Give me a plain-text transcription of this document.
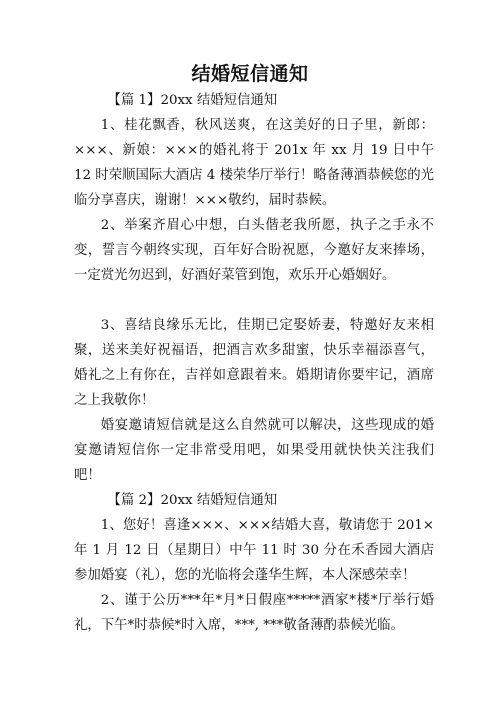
结婚短信通知

【篇 1】20xx 结婚短信通知

1、桂花飘香，秋风送爽，在这美好的日子里，新郎：×××、新娘：×××的婚礼将于 201x 年 xx 月 19 日中午 12 时荣顺国际大酒店 4 楼荣华厅举行！略备薄酒恭候您的光临分享喜庆，谢谢！×××敬约，届时恭候。

2、举案齐眉心中想，白头偕老我所愿，执子之手永不变，誓言今朝终实现，百年好合盼祝愿，今邀好友来捧场，一定赏光勿迟到，好酒好菜管到饱，欢乐开心婚姻好。

3、喜结良缘乐无比，佳期已定娶娇妻，特邀好友来相聚，送来美好祝福语，把酒言欢多甜蜜，快乐幸福添喜气，婚礼之上有你在，吉祥如意跟着来。婚期请你要牢记，酒席之上我敬你！

婚宴邀请短信就是这么自然就可以解决，这些现成的婚宴邀请短信你一定非常受用吧，如果受用就快快关注我们吧！

【篇 2】20xx 结婚短信通知

1、您好！喜逢×××、×××结婚大喜，敬请您于 201×年 1 月 12 日（星期日）中午 11 时 30 分在禾香园大酒店参加婚宴（礼），您的光临将会蓬华生辉，本人深感荣幸！

2、谨于公历***年*月*日假座*****酒家*楼*厅举行婚礼，下午*时恭候*时入席，***, ***敬备薄酌恭候光临。
